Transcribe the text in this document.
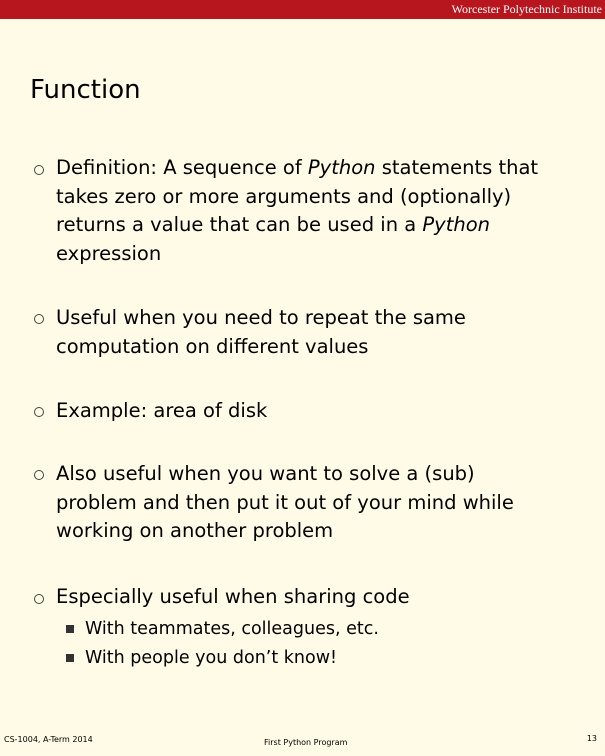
Worcester Polytechnic Institute
Function
Definition: A sequence of Python statements that takes zero or more arguments and (optionally) returns a value that can be used in a Python expression
Useful when you need to repeat the same computation on different values
Example: area of disk
Also useful when you want to solve a (sub) problem and then put it out of your mind while working on another problem
Especially useful when sharing code
With teammates, colleagues, etc.
With people you don’t know!
CS-1004, A-Term 2014	First Python Program	13
